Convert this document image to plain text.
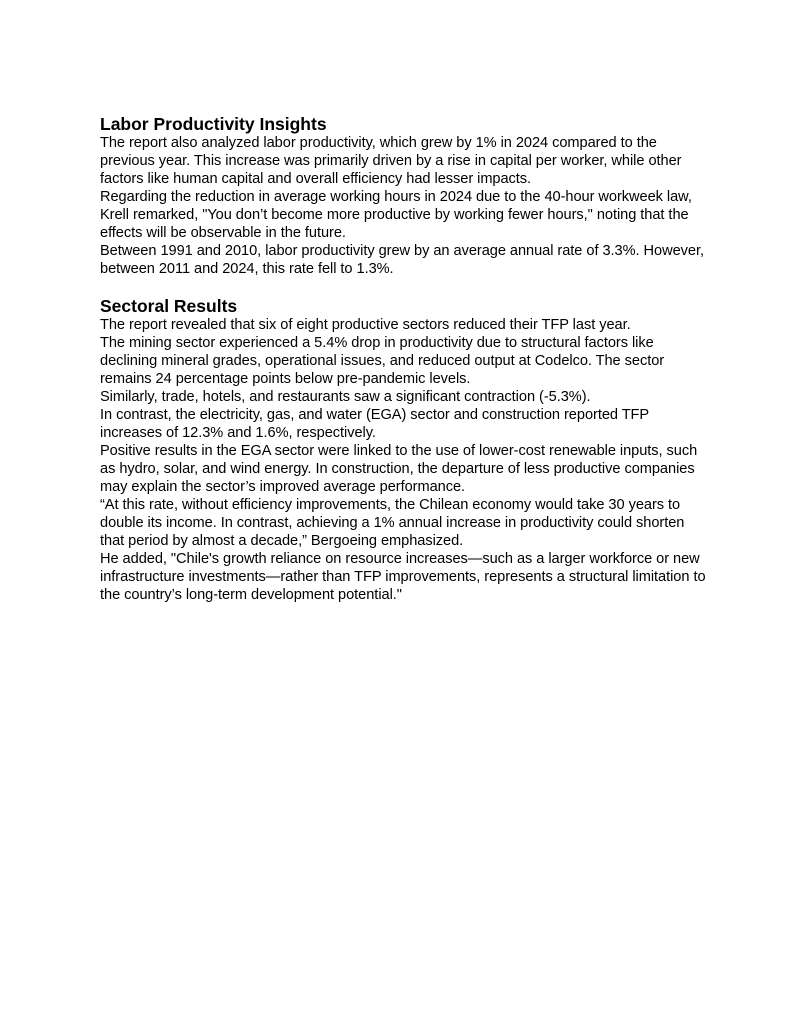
Labor Productivity Insights

The report also analyzed labor productivity, which grew by 1% in 2024 compared to the previous year. This increase was primarily driven by a rise in capital per worker, while other factors like human capital and overall efficiency had lesser impacts.

Regarding the reduction in average working hours in 2024 due to the 40-hour workweek law, Krell remarked, "You don’t become more productive by working fewer hours," noting that the effects will be observable in the future.

Between 1991 and 2010, labor productivity grew by an average annual rate of 3.3%. However, between 2011 and 2024, this rate fell to 1.3%.

Sectoral Results

The report revealed that six of eight productive sectors reduced their TFP last year.

The mining sector experienced a 5.4% drop in productivity due to structural factors like declining mineral grades, operational issues, and reduced output at Codelco. The sector remains 24 percentage points below pre-pandemic levels.

Similarly, trade, hotels, and restaurants saw a significant contraction (-5.3%).

In contrast, the electricity, gas, and water (EGA) sector and construction reported TFP increases of 12.3% and 1.6%, respectively.

Positive results in the EGA sector were linked to the use of lower-cost renewable inputs, such as hydro, solar, and wind energy. In construction, the departure of less productive companies may explain the sector’s improved average performance.

“At this rate, without efficiency improvements, the Chilean economy would take 30 years to double its income. In contrast, achieving a 1% annual increase in productivity could shorten that period by almost a decade,” Bergoeing emphasized.

He added, "Chile's growth reliance on resource increases—such as a larger workforce or new infrastructure investments—rather than TFP improvements, represents a structural limitation to the country’s long-term development potential."
